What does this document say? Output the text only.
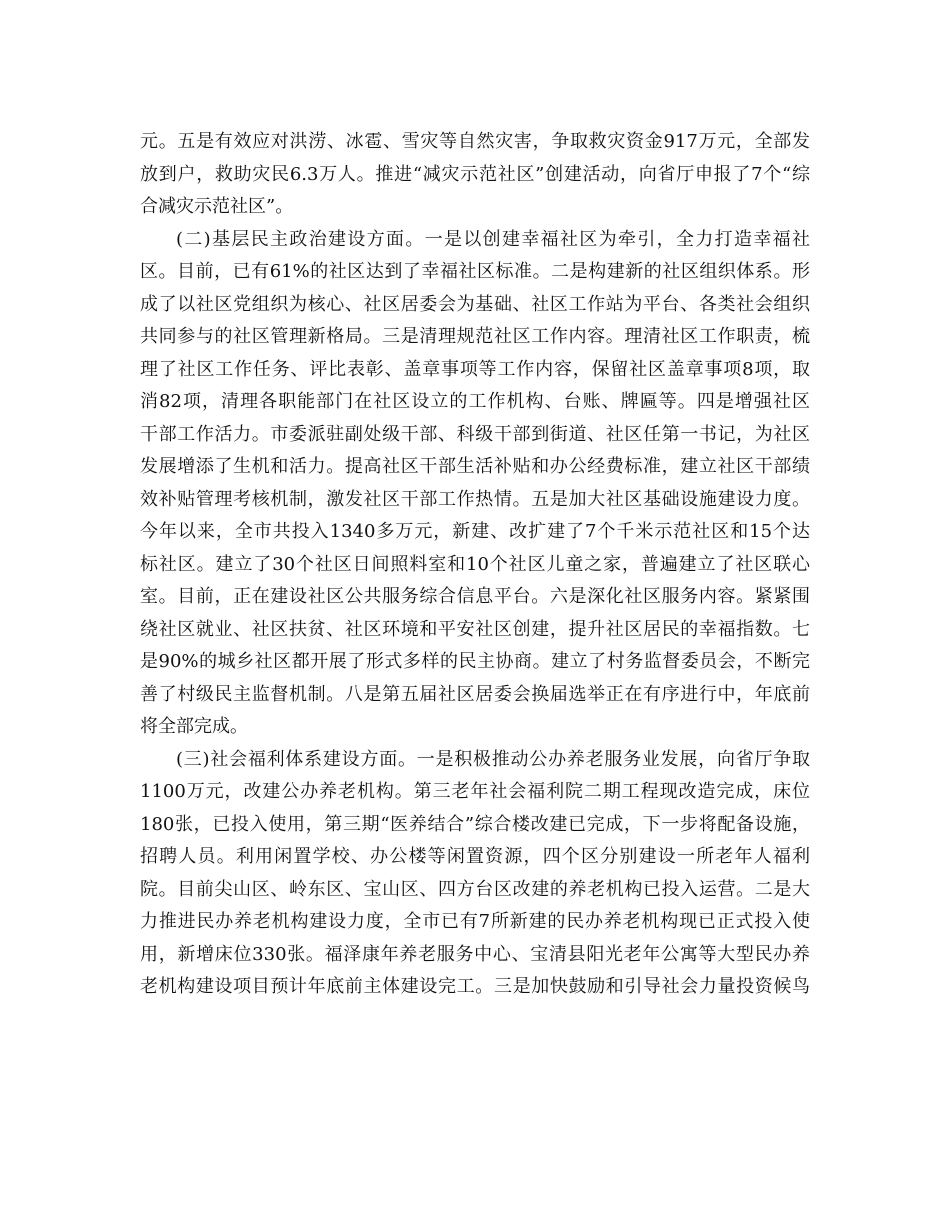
元。五是有效应对洪涝、冰雹、雪灾等自然灾害，争取救灾资金917万元，全部发
放到户，救助灾民6.3万人。推进“减灾示范社区”创建活动，向省厅申报了7个“综
合减灾示范社区”。
(二)基层民主政治建设方面。一是以创建幸福社区为牵引，全力打造幸福社
区。目前，已有61%的社区达到了幸福社区标准。二是构建新的社区组织体系。形
成了以社区党组织为核心、社区居委会为基础、社区工作站为平台、各类社会组织
共同参与的社区管理新格局。三是清理规范社区工作内容。理清社区工作职责，梳
理了社区工作任务、评比表彰、盖章事项等工作内容，保留社区盖章事项8项，取
消82项，清理各职能部门在社区设立的工作机构、台账、牌匾等。四是增强社区
干部工作活力。市委派驻副处级干部、科级干部到街道、社区任第一书记，为社区
发展增添了生机和活力。提高社区干部生活补贴和办公经费标准，建立社区干部绩
效补贴管理考核机制，激发社区干部工作热情。五是加大社区基础设施建设力度。
今年以来，全市共投入1340多万元，新建、改扩建了7个千米示范社区和15个达
标社区。建立了30个社区日间照料室和10个社区儿童之家，普遍建立了社区联心
室。目前，正在建设社区公共服务综合信息平台。六是深化社区服务内容。紧紧围
绕社区就业、社区扶贫、社区环境和平安社区创建，提升社区居民的幸福指数。七
是90%的城乡社区都开展了形式多样的民主协商。建立了村务监督委员会，不断完
善了村级民主监督机制。八是第五届社区居委会换届选举正在有序进行中，年底前
将全部完成。
(三)社会福利体系建设方面。一是积极推动公办养老服务业发展，向省厅争取
1100万元，改建公办养老机构。第三老年社会福利院二期工程现改造完成，床位
180张，已投入使用，第三期“医养结合”综合楼改建已完成，下一步将配备设施，
招聘人员。利用闲置学校、办公楼等闲置资源，四个区分别建设一所老年人福利
院。目前尖山区、岭东区、宝山区、四方台区改建的养老机构已投入运营。二是大
力推进民办养老机构建设力度，全市已有7所新建的民办养老机构现已正式投入使
用，新增床位330张。福泽康年养老服务中心、宝清县阳光老年公寓等大型民办养
老机构建设项目预计年底前主体建设完工。三是加快鼓励和引导社会力量投资候鸟
